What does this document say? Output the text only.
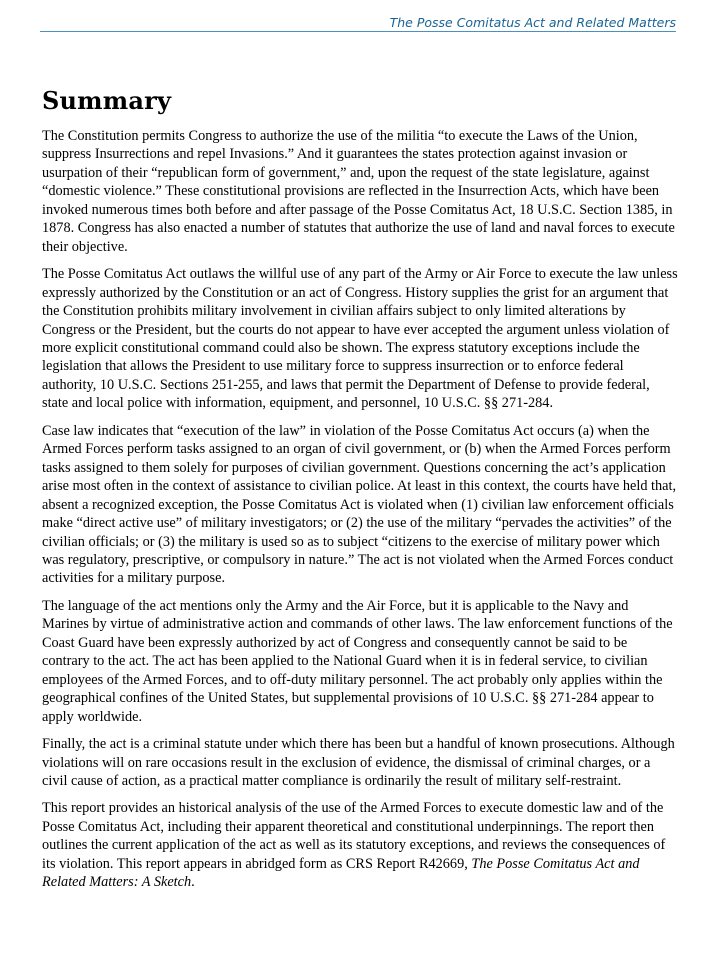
The Posse Comitatus Act and Related Matters
Summary

The Constitution permits Congress to authorize the use of the militia “to execute the Laws of the Union, suppress Insurrections and repel Invasions.” And it guarantees the states protection against invasion or usurpation of their “republican form of government,” and, upon the request of the state legislature, against “domestic violence.” These constitutional provisions are reflected in the Insurrection Acts, which have been invoked numerous times both before and after passage of the Posse Comitatus Act, 18 U.S.C. Section 1385, in 1878. Congress has also enacted a number of statutes that authorize the use of land and naval forces to execute their objective.

The Posse Comitatus Act outlaws the willful use of any part of the Army or Air Force to execute the law unless expressly authorized by the Constitution or an act of Congress. History supplies the grist for an argument that the Constitution prohibits military involvement in civilian affairs subject to only limited alterations by Congress or the President, but the courts do not appear to have ever accepted the argument unless violation of more explicit constitutional command could also be shown. The express statutory exceptions include the legislation that allows the President to use military force to suppress insurrection or to enforce federal authority, 10 U.S.C. Sections 251-255, and laws that permit the Department of Defense to provide federal, state and local police with information, equipment, and personnel, 10 U.S.C. §§ 271-284.

Case law indicates that “execution of the law” in violation of the Posse Comitatus Act occurs (a) when the Armed Forces perform tasks assigned to an organ of civil government, or (b) when the Armed Forces perform tasks assigned to them solely for purposes of civilian government. Questions concerning the act’s application arise most often in the context of assistance to civilian police. At least in this context, the courts have held that, absent a recognized exception, the Posse Comitatus Act is violated when (1) civilian law enforcement officials make “direct active use” of military investigators; or (2) the use of the military “pervades the activities” of the civilian officials; or (3) the military is used so as to subject “citizens to the exercise of military power which was regulatory, prescriptive, or compulsory in nature.” The act is not violated when the Armed Forces conduct activities for a military purpose.

The language of the act mentions only the Army and the Air Force, but it is applicable to the Navy and Marines by virtue of administrative action and commands of other laws. The law enforcement functions of the Coast Guard have been expressly authorized by act of Congress and consequently cannot be said to be contrary to the act. The act has been applied to the National Guard when it is in federal service, to civilian employees of the Armed Forces, and to off-duty military personnel. The act probably only applies within the geographical confines of the United States, but supplemental provisions of 10 U.S.C. §§ 271-284 appear to apply worldwide.

Finally, the act is a criminal statute under which there has been but a handful of known prosecutions. Although violations will on rare occasions result in the exclusion of evidence, the dismissal of criminal charges, or a civil cause of action, as a practical matter compliance is ordinarily the result of military self-restraint.

This report provides an historical analysis of the use of the Armed Forces to execute domestic law and of the Posse Comitatus Act, including their apparent theoretical and constitutional underpinnings. The report then outlines the current application of the act as well as its statutory exceptions, and reviews the consequences of its violation. This report appears in abridged form as CRS Report R42669, The Posse Comitatus Act and Related Matters: A Sketch.
